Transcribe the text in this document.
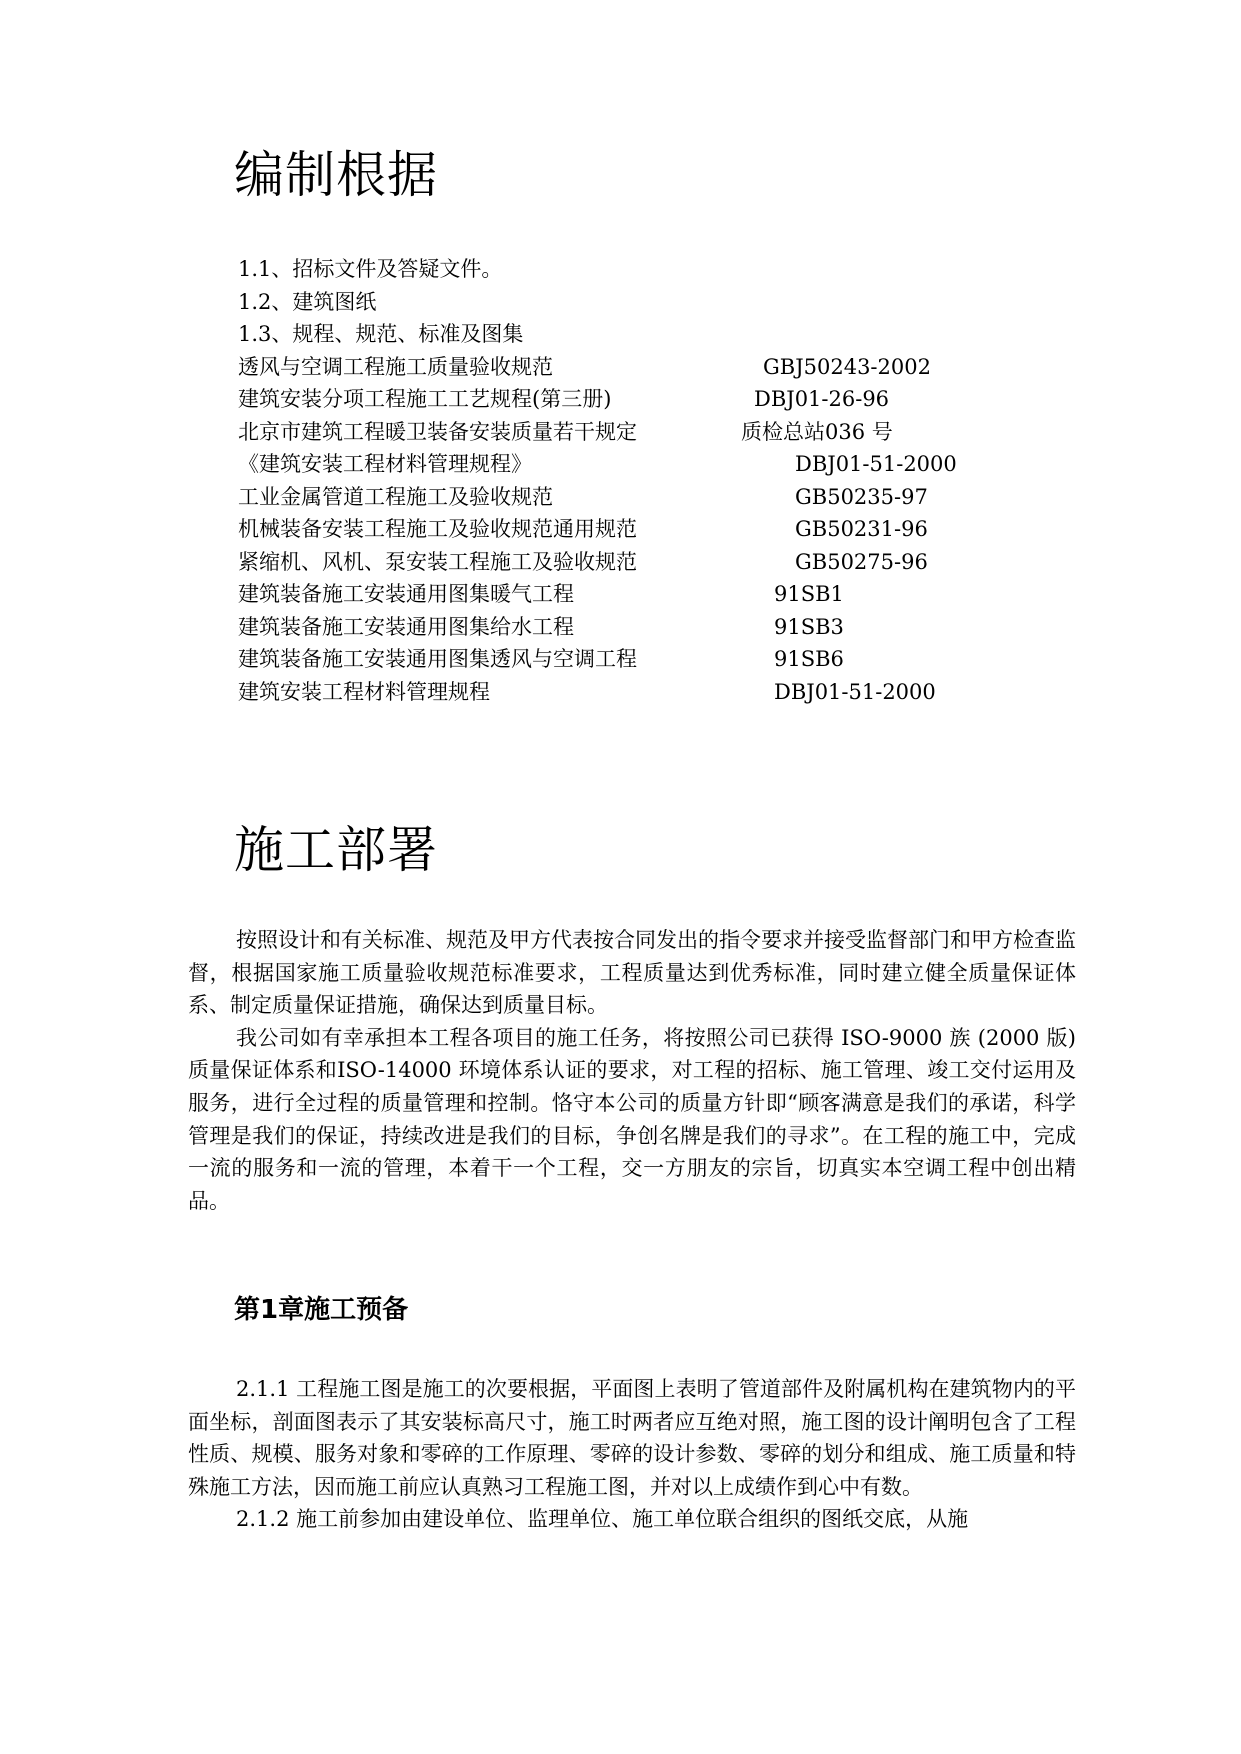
编制根据
1.1、招标文件及答疑文件。
1.2、建筑图纸
1.3、规程、规范、标准及图集
透风与空调工程施工质量验收规范	GBJ50243-2002
建筑安装分项工程施工工艺规程(第三册)	DBJ01-26-96
北京市建筑工程暖卫装备安装质量若干规定	质检总站036 号
《建筑安装工程材料管理规程》	DBJ01-51-2000
工业金属管道工程施工及验收规范	GB50235-97
机械装备安装工程施工及验收规范通用规范	GB50231-96
紧缩机、风机、泵安装工程施工及验收规范	GB50275-96
建筑装备施工安装通用图集暖气工程	91SB1
建筑装备施工安装通用图集给水工程	91SB3
建筑装备施工安装通用图集透风与空调工程	91SB6
建筑安装工程材料管理规程	DBJ01-51-2000
施工部署

按照设计和有关标准、规范及甲方代表按合同发出的指令要求并接受监督部门和甲方检查监督，根据国家施工质量验收规范标准要求，工程质量达到优秀标准，同时建立健全质量保证体系、制定质量保证措施，确保达到质量目标。

我公司如有幸承担本工程各项目的施工任务，将按照公司已获得 ISO-9000 族 (2000 版) 质量保证体系和ISO-14000 环境体系认证的要求，对工程的招标、施工管理、竣工交付运用及服务，进行全过程的质量管理和控制。恪守本公司的质量方针即“顾客满意是我们的承诺，科学管理是我们的保证，持续改进是我们的目标，争创名牌是我们的寻求”。在工程的施工中，完成一流的服务和一流的管理，本着干一个工程，交一方朋友的宗旨，切真实本空调工程中创出精品。

第1章施工预备

2.1.1 工程施工图是施工的次要根据，平面图上表明了管道部件及附属机构在建筑物内的平面坐标，剖面图表示了其安装标高尺寸，施工时两者应互绝对照，施工图的设计阐明包含了工程性质、规模、服务对象和零碎的工作原理、零碎的设计参数、零碎的划分和组成、施工质量和特殊施工方法，因而施工前应认真熟习工程施工图，并对以上成绩作到心中有数。

2.1.2 施工前参加由建设单位、监理单位、施工单位联合组织的图纸交底，从施
